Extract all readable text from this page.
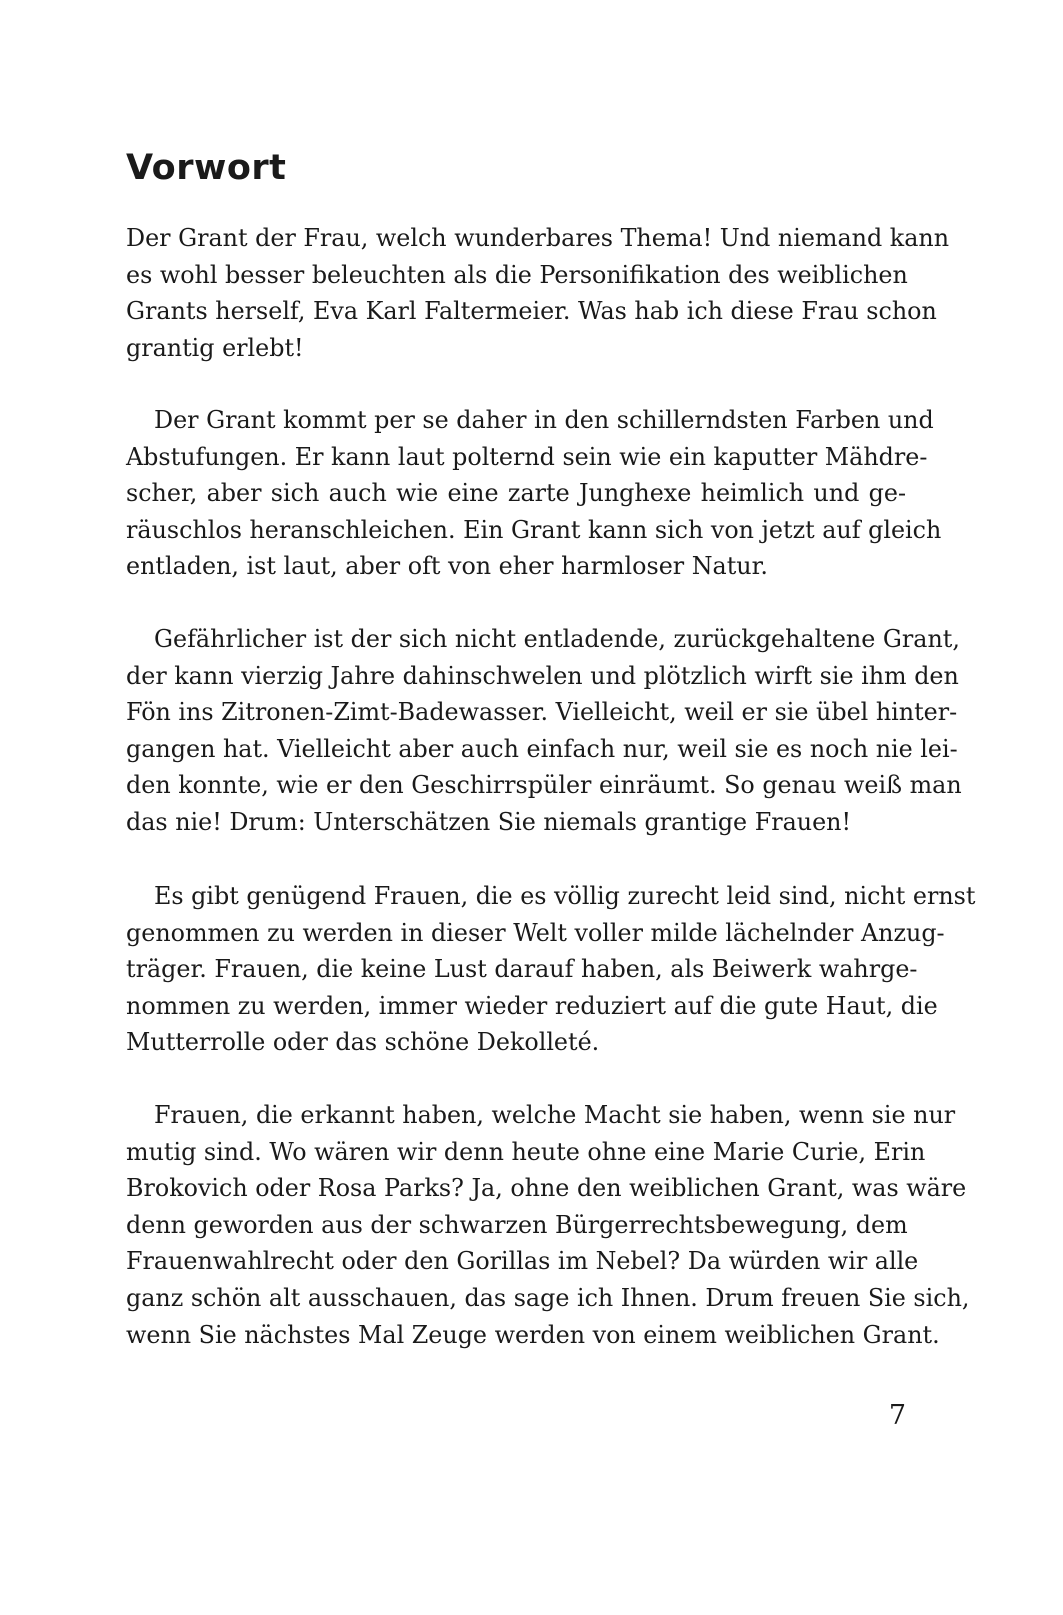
Vorwort
Der Grant der Frau, welch wunderbares Thema! Und niemand kann
es wohl besser beleuchten als die Personifikation des weiblichen
Grants herself, Eva Karl Faltermeier. Was hab ich diese Frau schon
grantig erlebt!
Der Grant kommt per se daher in den schillerndsten Farben und
Abstufungen. Er kann laut polternd sein wie ein kaputter Mähdre-
scher, aber sich auch wie eine zarte Junghexe heimlich und ge-
räuschlos heranschleichen. Ein Grant kann sich von jetzt auf gleich
entladen, ist laut, aber oft von eher harmloser Natur.
Gefährlicher ist der sich nicht entladende, zurückgehaltene Grant,
der kann vierzig Jahre dahinschwelen und plötzlich wirft sie ihm den
Fön ins Zitronen-Zimt-Badewasser. Vielleicht, weil er sie übel hinter-
gangen hat. Vielleicht aber auch einfach nur, weil sie es noch nie lei-
den konnte, wie er den Geschirrspüler einräumt. So genau weiß man
das nie! Drum: Unterschätzen Sie niemals grantige Frauen!
Es gibt genügend Frauen, die es völlig zurecht leid sind, nicht ernst
genommen zu werden in dieser Welt voller milde lächelnder Anzug-
träger. Frauen, die keine Lust darauf haben, als Beiwerk wahrge-
nommen zu werden, immer wieder reduziert auf die gute Haut, die
Mutterrolle oder das schöne Dekolleté.
Frauen, die erkannt haben, welche Macht sie haben, wenn sie nur
mutig sind. Wo wären wir denn heute ohne eine Marie Curie, Erin
Brokovich oder Rosa Parks? Ja, ohne den weiblichen Grant, was wäre
denn geworden aus der schwarzen Bürgerrechtsbewegung, dem
Frauenwahlrecht oder den Gorillas im Nebel? Da würden wir alle
ganz schön alt ausschauen, das sage ich Ihnen. Drum freuen Sie sich,
wenn Sie nächstes Mal Zeuge werden von einem weiblichen Grant.
7
